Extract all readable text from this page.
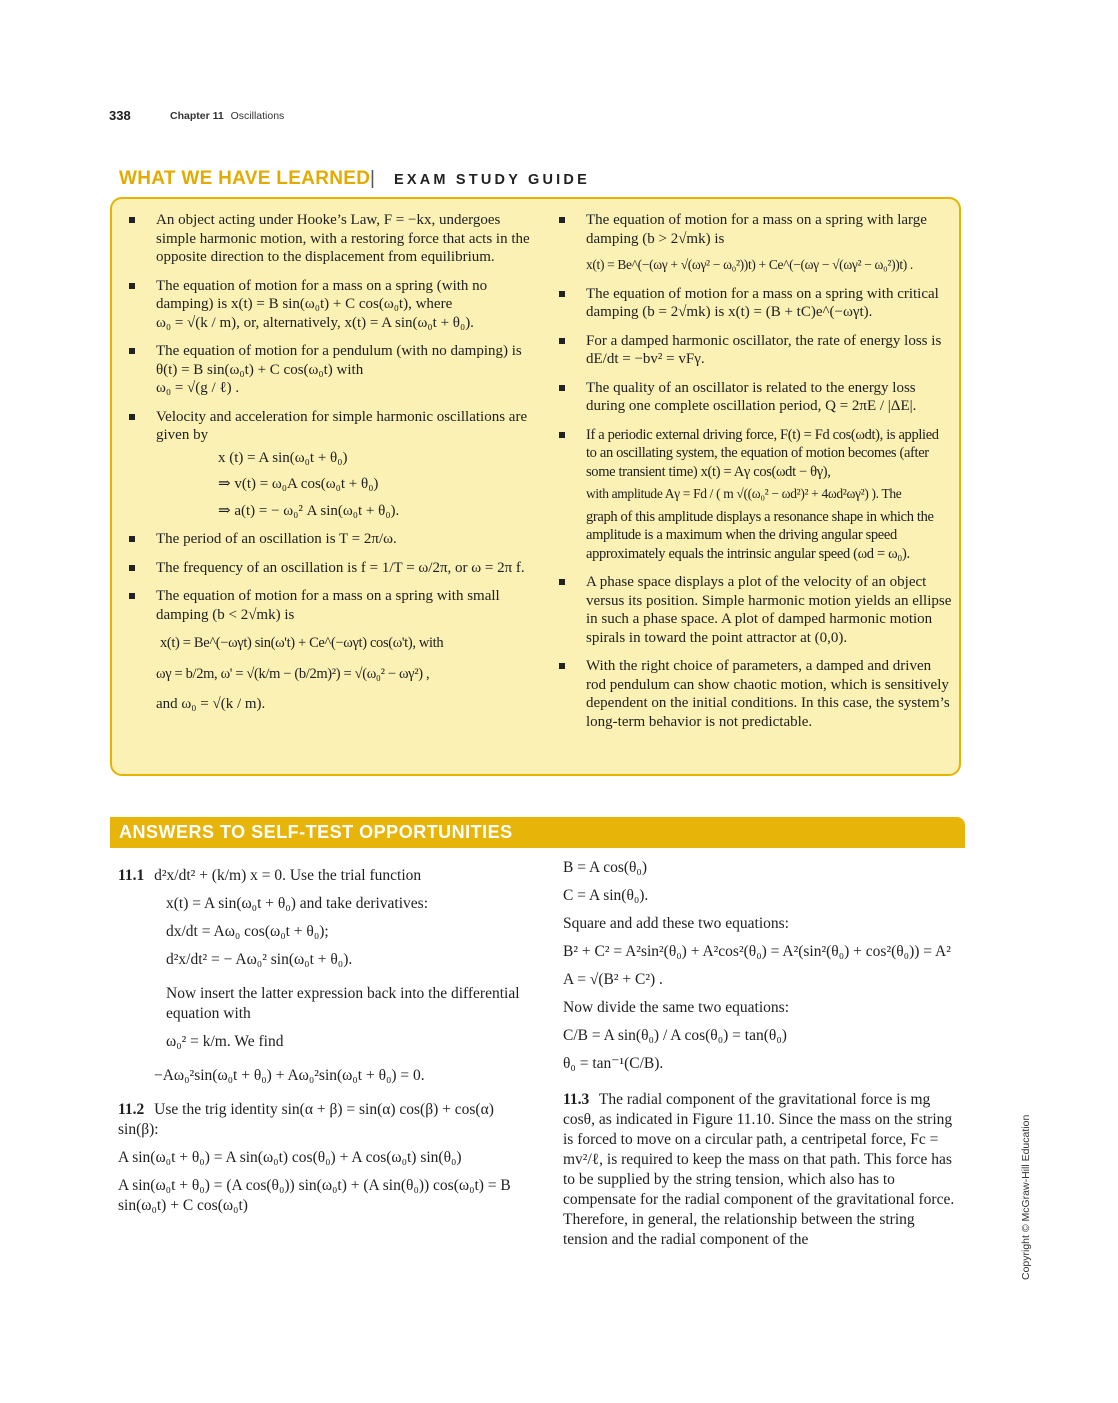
338	Chapter 11 Oscillations
WHAT WE HAVE LEARNED | EXAM STUDY GUIDE
An object acting under Hooke’s Law, F = −kx, undergoes simple harmonic motion, with a restoring force that acts in the opposite direction to the displacement from equilibrium.
The equation of motion for a mass on a spring (with no damping) is x(t) = B sin(ω₀t) + C cos(ω₀t), where
ω₀ = √(k / m), or, alternatively, x(t) = A sin(ω₀t + θ₀).
The equation of motion for a pendulum (with no damping) is θ(t) = B sin(ω₀t) + C cos(ω₀t) with
ω₀ = √(g / ℓ) .
Velocity and acceleration for simple harmonic oscillations are given by
x (t) = A sin(ω₀t + θ₀)
⇒ v(t) = ω₀A cos(ω₀t + θ₀)
⇒ a(t) = − ω₀² A sin(ω₀t + θ₀).
The period of an oscillation is T = 2π/ω.
The frequency of an oscillation is f = 1/T = ω/2π, or ω = 2π f.
The equation of motion for a mass on a spring with small damping (b < 2√mk) is
x(t) = Be^(−ωγt) sin(ω't) + Ce^(−ωγt) cos(ω't), with
ωγ = b/2m, ω' = √(k/m − (b/2m)²) = √(ω₀² − ωγ²) ,
and ω₀ = √(k / m).
The equation of motion for a mass on a spring with large damping (b > 2√mk) is
x(t) = Be^(−(ωγ + √(ωγ² − ω₀²))t) + Ce^(−(ωγ − √(ωγ² − ω₀²))t) .
The equation of motion for a mass on a spring with critical damping (b = 2√mk) is x(t) = (B + tC)e^(−ωγt).
For a damped harmonic oscillator, the rate of energy loss is dE/dt = −bv² = vFγ.
The quality of an oscillator is related to the energy loss during one complete oscillation period, Q = 2πE / |ΔE|.
If a periodic external driving force, F(t) = Fd cos(ωdt), is applied to an oscillating system, the equation of motion becomes (after some transient time) x(t) = Aγ cos(ωdt − θγ),
with amplitude Aγ = Fd / ( m √((ω₀² − ωd²)² + 4ωd²ωγ²) ). The
graph of this amplitude displays a resonance shape in which the amplitude is a maximum when the driving angular speed approximately equals the intrinsic angular speed (ωd = ω₀).
A phase space displays a plot of the velocity of an object versus its position. Simple harmonic motion yields an ellipse in such a phase space. A plot of damped harmonic motion spirals in toward the point attractor at (0,0).
With the right choice of parameters, a damped and driven rod pendulum can show chaotic motion, which is sensitively dependent on the initial conditions. In this case, the system’s long-term behavior is not predictable.
ANSWERS TO SELF-TEST OPPORTUNITIES

11.1 d²x/dt² + (k/m) x = 0. Use the trial function

x(t) = A sin(ω₀t + θ₀) and take derivatives:

dx/dt = Aω₀ cos(ω₀t + θ₀);

d²x/dt² = − Aω₀² sin(ω₀t + θ₀).

Now insert the latter expression back into the differential equation with

ω₀² = k/m. We find

−Aω₀²sin(ω₀t + θ₀) + Aω₀²sin(ω₀t + θ₀) = 0.

11.2 Use the trig identity sin(α + β) = sin(α) cos(β) + cos(α) sin(β):

A sin(ω₀t + θ₀) = A sin(ω₀t) cos(θ₀) + A cos(ω₀t) sin(θ₀)

A sin(ω₀t + θ₀) = (A cos(θ₀)) sin(ω₀t) + (A sin(θ₀)) cos(ω₀t) = B sin(ω₀t) + C cos(ω₀t)

B = A cos(θ₀)

C = A sin(θ₀).

Square and add these two equations:

B² + C² = A²sin²(θ₀) + A²cos²(θ₀) = A²(sin²(θ₀) + cos²(θ₀)) = A²

A = √(B² + C²) .

Now divide the same two equations:

C/B = A sin(θ₀) / A cos(θ₀) = tan(θ₀)

θ₀ = tan⁻¹(C/B).

11.3 The radial component of the gravitational force is mg cosθ, as indicated in Figure 11.10. Since the mass on the string is forced to move on a circular path, a centripetal force, Fc = mv²/ℓ, is required to keep the mass on that path. This force has to be supplied by the string tension, which also has to compensate for the radial component of the gravitational force. Therefore, in general, the relationship between the string tension and the radial component of the	Copyright © McGraw-Hill Education
